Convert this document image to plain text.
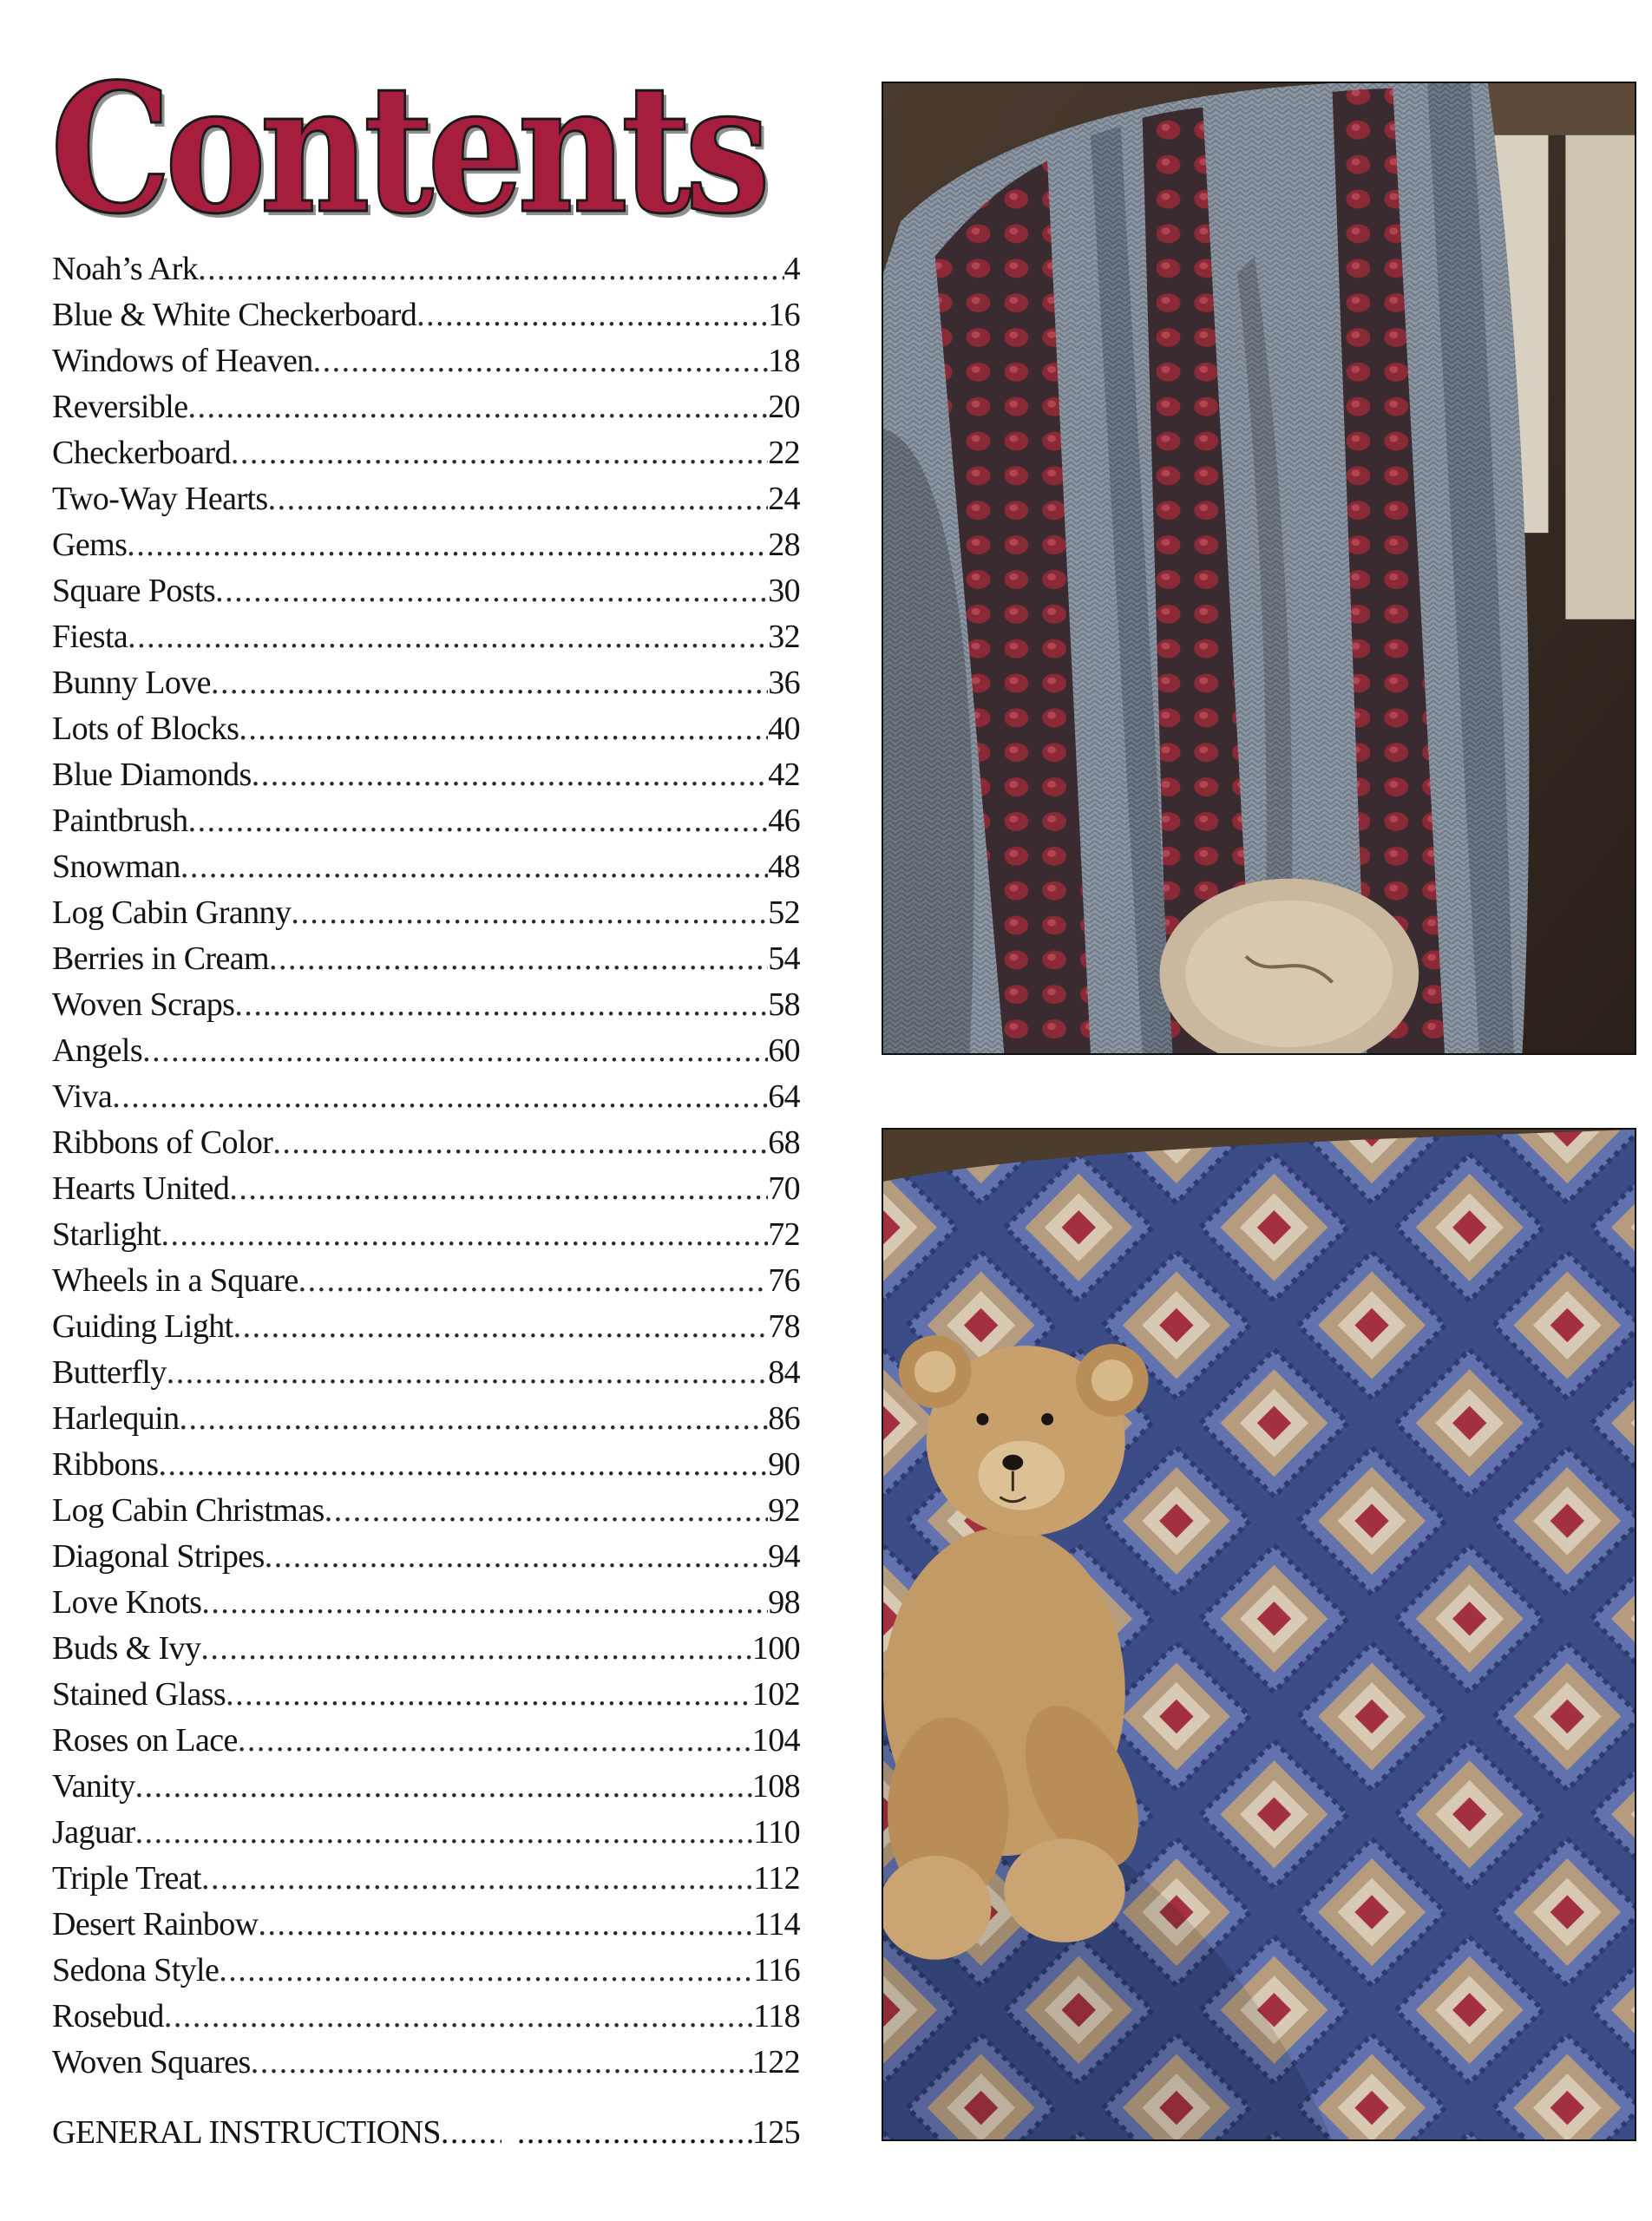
Contents
Noah’s Ark .....	4
Blue & White Checkerboard .....	16
Windows of Heaven .....	18
Reversible .....	20
Checkerboard .....	22
Two-Way Hearts .....	24
Gems .....	28
Square Posts .....	30
Fiesta .....	32
Bunny Love .....	36
Lots of Blocks .....	40
Blue Diamonds .....	42
Paintbrush .....	46
Snowman .....	48
Log Cabin Granny .....	52
Berries in Cream .....	54
Woven Scraps .....	58
Angels .....	60
Viva .....	64
Ribbons of Color .....	68
Hearts United .....	70
Starlight .....	72
Wheels in a Square .....	76
Guiding Light .....	78
Butterfly .....	84
Harlequin .....	86
Ribbons .....	90
Log Cabin Christmas .....	92
Diagonal Stripes .....	94
Love Knots .....	98
Buds & Ivy .....	100
Stained Glass .....	102
Roses on Lace .....	104
Vanity .....	108
Jaguar .....	110
Triple Treat .....	112
Desert Rainbow .....	114
Sedona Style .....	116
Rosebud .....	118
Woven Squares .....	122
GENERAL INSTRUCTIONS ..... .....	125
